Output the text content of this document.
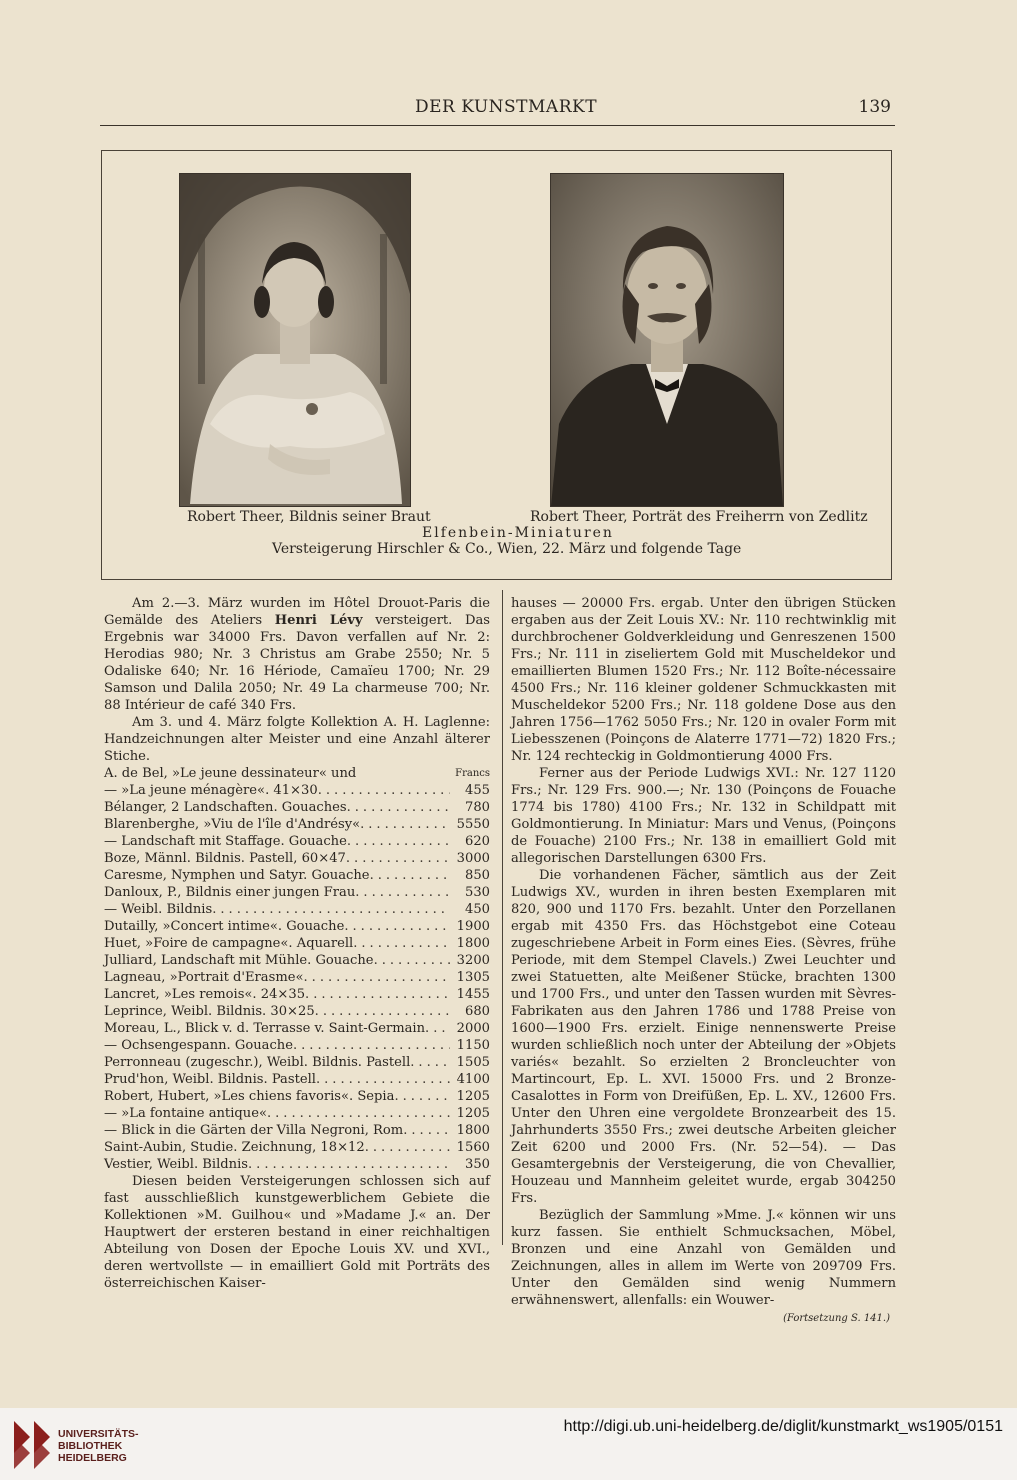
DER KUNSTMARKT	139
Robert Theer, Bildnis seiner Braut	Robert Theer, Porträt des Freiherrn von Zedlitz
Elfenbein-Miniaturen
Versteigerung Hirschler & Co., Wien, 22. März und folgende Tage

Am 2.—3. März wurden im Hôtel Drouot-Paris die Gemälde des Ateliers Henri Lévy versteigert. Das Ergebnis war 34000 Frs. Davon verfallen auf Nr. 2: Herodias 980; Nr. 3 Christus am Grabe 2550; Nr. 5 Odaliske 640; Nr. 16 Hériode, Camaïeu 1700; Nr. 29 Samson und Dalila 2050; Nr. 49 La charmeuse 700; Nr. 88 Intérieur de café 340 Frs.

Am 3. und 4. März folgte Kollektion A. H. Laglenne: Handzeichnungen alter Meister und eine Anzahl älterer Stiche.

A. de Bel, »Le jeune dessinateur« und	Francs
— »La jeune ménagère«. 41×30 .....	455
Bélanger, 2 Landschaften. Gouaches .....	780
Blarenberghe, »Viu de l'île d'Andrésy« .....	5550
— Landschaft mit Staffage. Gouache .....	620
Boze, Männl. Bildnis. Pastell, 60×47 .....	3000
Caresme, Nymphen und Satyr. Gouache .....	850
Danloux, P., Bildnis einer jungen Frau .....	530
— Weibl. Bildnis .....	450
Dutailly, »Concert intime«. Gouache .....	1900
Huet, »Foire de campagne«. Aquarell .....	1800
Julliard, Landschaft mit Mühle. Gouache .....	3200
Lagneau, »Portrait d'Erasme« .....	1305
Lancret, »Les remois«. 24×35 .....	1455
Leprince, Weibl. Bildnis. 30×25 .....	680
Moreau, L., Blick v. d. Terrasse v. Saint-Germain .....	2000
— Ochsengespann. Gouache .....	1150
Perronneau (zugeschr.), Weibl. Bildnis. Pastell .....	1505
Prud'hon, Weibl. Bildnis. Pastell .....	4100
Robert, Hubert, »Les chiens favoris«. Sepia .....	1205
— »La fontaine antique« .....	1205
— Blick in die Gärten der Villa Negroni, Rom .....	1800
Saint-Aubin, Studie. Zeichnung, 18×12 .....	1560
Vestier, Weibl. Bildnis .....	350

Diesen beiden Versteigerungen schlossen sich auf fast ausschließlich kunstgewerblichem Gebiete die Kollektionen »M. Guilhou« und »Madame J.« an. Der Hauptwert der ersteren bestand in einer reichhaltigen Abteilung von Dosen der Epoche Louis XV. und XVI., deren wertvollste — in emailliert Gold mit Porträts des österreichischen Kaiser-

hauses — 20000 Frs. ergab. Unter den übrigen Stücken ergaben aus der Zeit Louis XV.: Nr. 110 rechtwinklig mit durchbrochener Goldverkleidung und Genreszenen 1500 Frs.; Nr. 111 in ziseliertem Gold mit Muscheldekor und emaillierten Blumen 1520 Frs.; Nr. 112 Boîte-nécessaire 4500 Frs.; Nr. 116 kleiner goldener Schmuckkasten mit Muscheldekor 5200 Frs.; Nr. 118 goldene Dose aus den Jahren 1756—1762 5050 Frs.; Nr. 120 in ovaler Form mit Liebesszenen (Poinçons de Alaterre 1771—72) 1820 Frs.; Nr. 124 rechteckig in Goldmontierung 4000 Frs.

Ferner aus der Periode Ludwigs XVI.: Nr. 127 1120 Frs.; Nr. 129 Frs. 900.—; Nr. 130 (Poinçons de Fouache 1774 bis 1780) 4100 Frs.; Nr. 132 in Schildpatt mit Goldmontierung. In Miniatur: Mars und Venus, (Poinçons de Fouache) 2100 Frs.; Nr. 138 in emailliert Gold mit allegorischen Darstellungen 6300 Frs.

Die vorhandenen Fächer, sämtlich aus der Zeit Ludwigs XV., wurden in ihren besten Exemplaren mit 820, 900 und 1170 Frs. bezahlt. Unter den Porzellanen ergab mit 4350 Frs. das Höchstgebot eine Coteau zugeschriebene Arbeit in Form eines Eies. (Sèvres, frühe Periode, mit dem Stempel Clavels.) Zwei Leuchter und zwei Statuetten, alte Meißener Stücke, brachten 1300 und 1700 Frs., und unter den Tassen wurden mit Sèvres-Fabrikaten aus den Jahren 1786 und 1788 Preise von 1600—1900 Frs. erzielt. Einige nennenswerte Preise wurden schließlich noch unter der Abteilung der »Objets variés« bezahlt. So erzielten 2 Broncleuchter von Martincourt, Ep. L. XVI. 15000 Frs. und 2 Bronze-Casalottes in Form von Dreifüßen, Ep. L. XV., 12600 Frs. Unter den Uhren eine vergoldete Bronzearbeit des 15. Jahrhunderts 3550 Frs.; zwei deutsche Arbeiten gleicher Zeit 6200 und 2000 Frs. (Nr. 52—54). — Das Gesamtergebnis der Versteigerung, die von Chevallier, Houzeau und Mannheim geleitet wurde, ergab 304250 Frs.

Bezüglich der Sammlung »Mme. J.« können wir uns kurz fassen. Sie enthielt Schmucksachen, Möbel, Bronzen und eine Anzahl von Gemälden und Zeichnungen, alles in allem im Werte von 209709 Frs. Unter den Gemälden sind wenig Nummern erwähnenswert, allenfalls: ein Wouwer-

(Fortsetzung S. 141.)
UNIVERSITÄTS-
BIBLIOTHEK
HEIDELBERG
http://digi.ub.uni-heidelberg.de/diglit/kunstmarkt_ws1905/0151
